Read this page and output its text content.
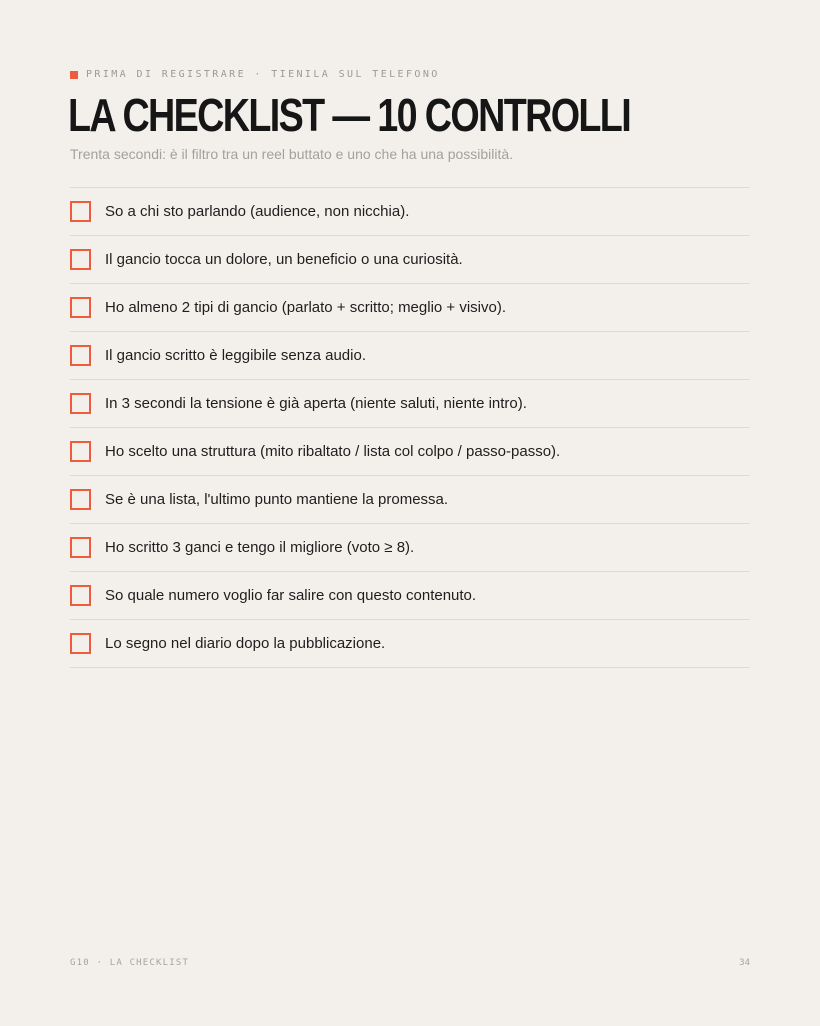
PRIMA DI REGISTRARE · TIENILA SUL TELEFONO
LA CHECKLIST — 10 CONTROLLI
Trenta secondi: è il filtro tra un reel buttato e uno che ha una possibilità.
So a chi sto parlando (audience, non nicchia).
Il gancio tocca un dolore, un beneficio o una curiosità.
Ho almeno 2 tipi di gancio (parlato + scritto; meglio + visivo).
Il gancio scritto è leggibile senza audio.
In 3 secondi la tensione è già aperta (niente saluti, niente intro).
Ho scelto una struttura (mito ribaltato / lista col colpo / passo-passo).
Se è una lista, l'ultimo punto mantiene la promessa.
Ho scritto 3 ganci e tengo il migliore (voto ≥ 8).
So quale numero voglio far salire con questo contenuto.
Lo segno nel diario dopo la pubblicazione.
G10 · LA CHECKLIST	34
